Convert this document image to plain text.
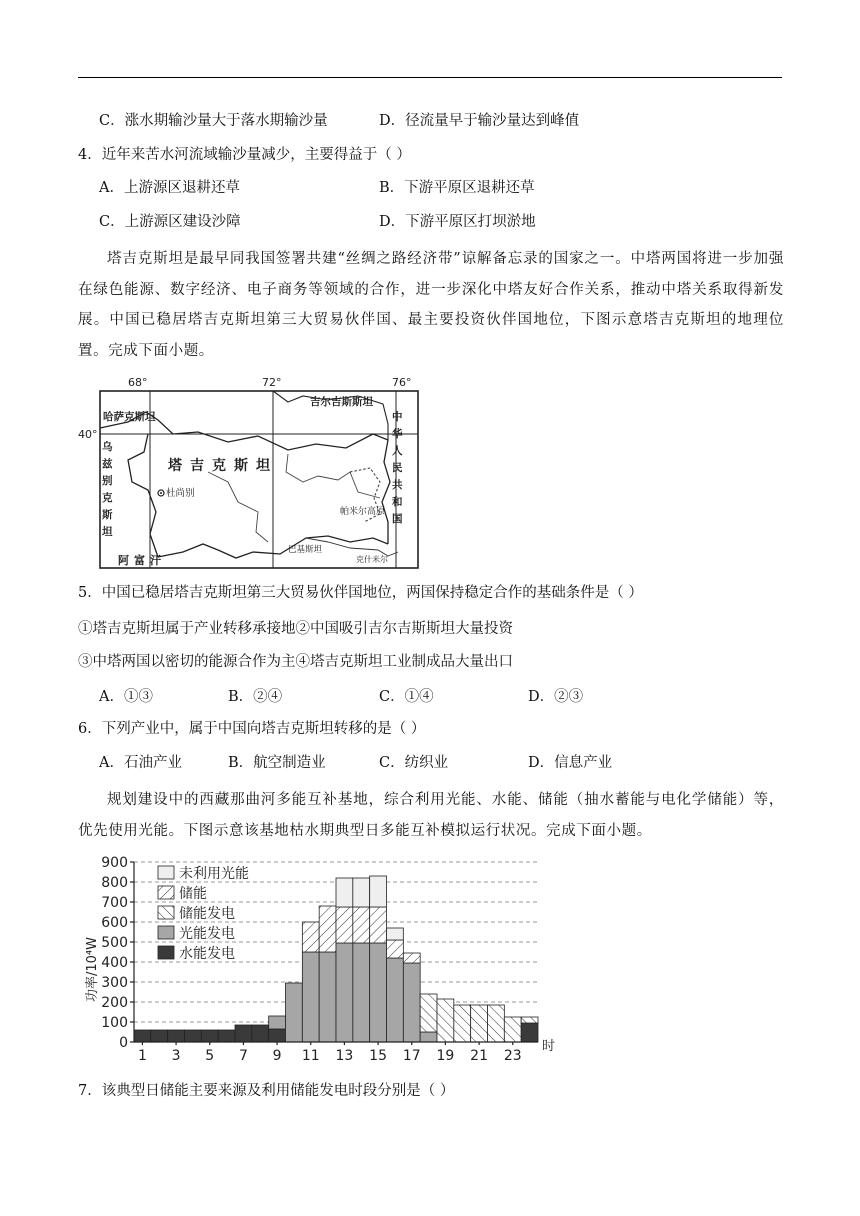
C．涨水期输沙量大于落水期输沙量	D．径流量早于输沙量达到峰值
4．近年来苦水河流域输沙量减少，主要得益于（ ）
A．上游源区退耕还草	B．下游平原区退耕还草
C．上游源区建设沙障	D．下游平原区打坝淤地
塔吉克斯坦是最早同我国签署共建“丝绸之路经济带”谅解备忘录的国家之一。中塔两国将进一步加强在绿色能源、数字经济、电子商务等领域的合作，进一步深化中塔友好合作关系，推动中塔关系取得新发展。中国已稳居塔吉克斯坦第三大贸易伙伴国、最主要投资伙伴国地位，下图示意塔吉克斯坦的地理位置。完成下面小题。
68°	72°	76°
40°
哈萨克斯坦
吉尔吉斯斯坦
乌兹别克斯坦
塔吉克斯坦
杜尚别
中华人民共和国
帕米尔高原
阿富汗
巴基斯坦
克什米尔
5．中国已稳居塔吉克斯坦第三大贸易伙伴国地位，两国保持稳定合作的基础条件是（ ）
①塔吉克斯坦属于产业转移承接地②中国吸引吉尔吉斯斯坦大量投资
③中塔两国以密切的能源合作为主④塔吉克斯坦工业制成品大量出口
A．①③	B．②④	C．①④	D．②③
6．下列产业中，属于中国向塔吉克斯坦转移的是（ ）
A．石油产业	B．航空制造业	C．纺织业	D．信息产业
规划建设中的西藏那曲河多能互补基地，综合利用光能、水能、储能（抽水蓄能与电化学储能）等，优先使用光能。下图示意该基地枯水期典型日多能互补模拟运行状况。完成下面小题。
0
100
200
300
400
500
600
700
800
900
1 3 5 7 9 11 13 15 17 19 21 23
未利用光能
储能
储能发电
光能发电
水能发电
功率/10⁴W
时
7．该典型日储能主要来源及利用储能发电时段分别是（ ）
